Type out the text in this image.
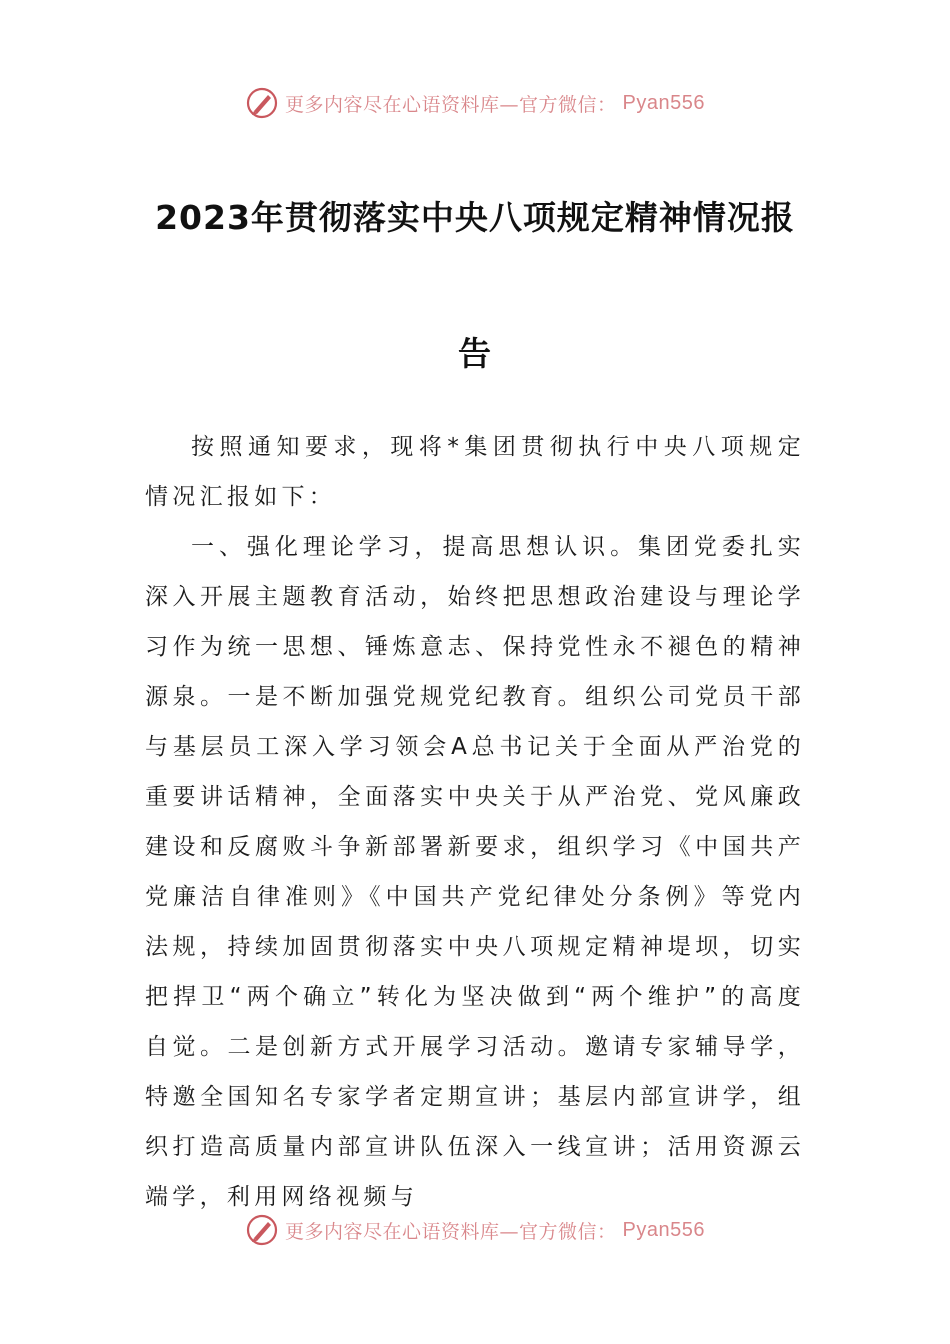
更多内容尽在心语资料库—官方微信： Pyan556
2023年贯彻落实中央八项规定精神情况报告

按照通知要求，现将*集团贯彻执行中央八项规定情况汇报如下：

一、强化理论学习，提高思想认识。集团党委扎实深入开展主题教育活动，始终把思想政治建设与理论学习作为统一思想、锤炼意志、保持党性永不褪色的精神源泉。一是不断加强党规党纪教育。组织公司党员干部与基层员工深入学习领会A总书记关于全面从严治党的重要讲话精神，全面落实中央关于从严治党、党风廉政建设和反腐败斗争新部署新要求，组织学习《中国共产党廉洁自律准则》《中国共产党纪律处分条例》等党内法规，持续加固贯彻落实中央八项规定精神堤坝，切实把捍卫“两个确立”转化为坚决做到“两个维护”的高度自觉。二是创新方式开展学习活动。邀请专家辅导学，特邀全国知名专家学者定期宣讲；基层内部宣讲学，组织打造高质量内部宣讲队伍深入一线宣讲；活用资源云端学，利用网络视频与

更多内容尽在心语资料库—官方微信： Pyan556
